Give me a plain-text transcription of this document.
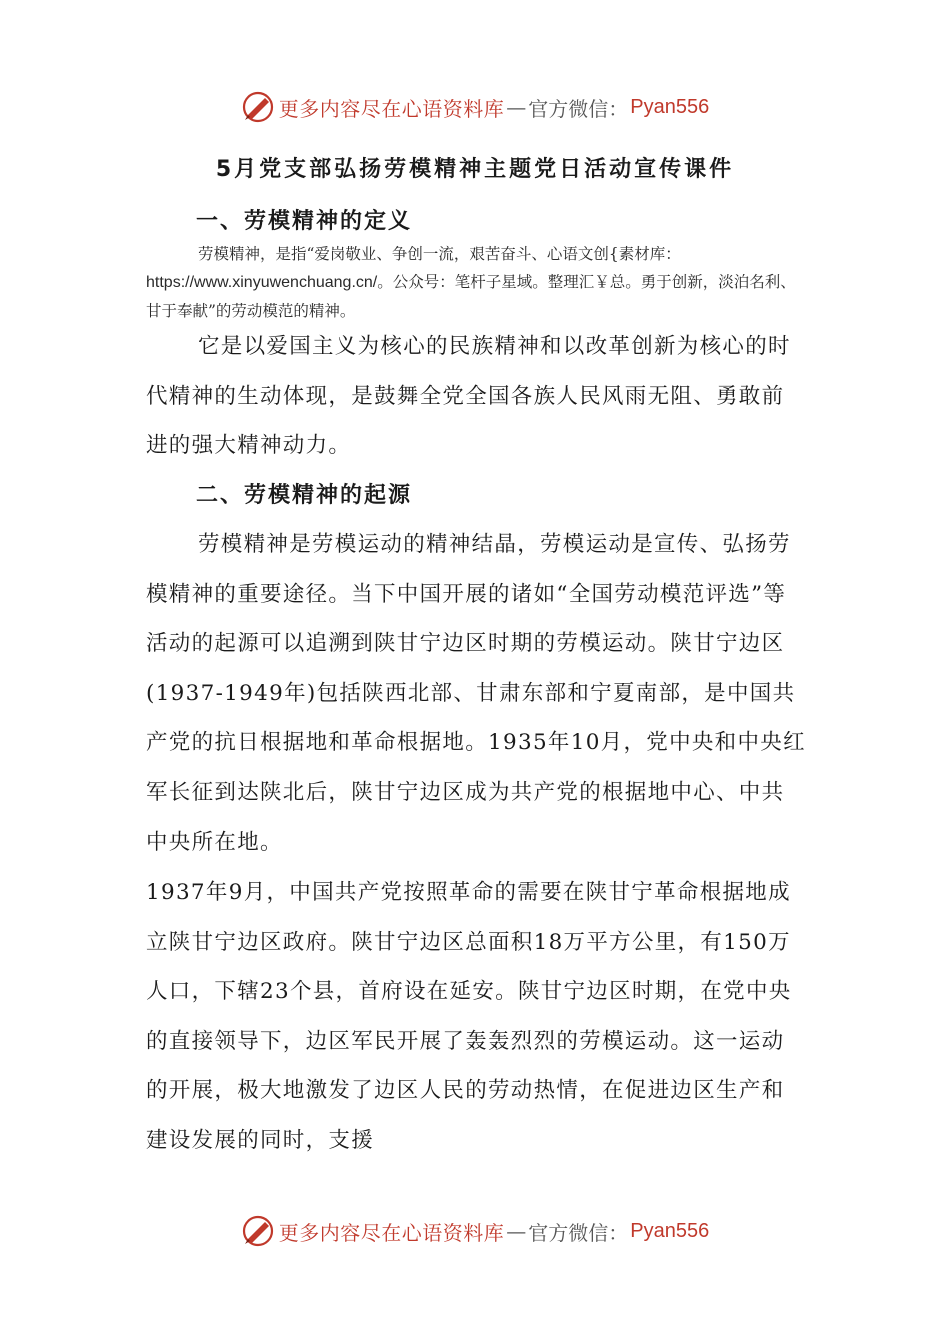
更多内容尽在心语资料库 — 官方微信： Pyan556
5月党支部弘扬劳模精神主题党日活动宣传课件
一、劳模精神的定义

劳模精神，是指“爱岗敬业、争创一流，艰苦奋斗、心语文创{素材库：https://www.xinyuwenchuang.cn/。公众号：笔杆子星域。整理汇￥总。勇于创新，淡泊名利、甘于奉献”的劳动模范的精神。

它是以爱国主义为核心的民族精神和以改革创新为核心的时代精神的生动体现，是鼓舞全党全国各族人民风雨无阻、勇敢前进的强大精神动力。

二、劳模精神的起源

劳模精神是劳模运动的精神结晶，劳模运动是宣传、弘扬劳模精神的重要途径。当下中国开展的诸如“全国劳动模范评选”等活动的起源可以追溯到陕甘宁边区时期的劳模运动。陕甘宁边区(1937-1949年)包括陕西北部、甘肃东部和宁夏南部，是中国共产党的抗日根据地和革命根据地。1935年10月，党中央和中央红军长征到达陕北后，陕甘宁边区成为共产党的根据地中心、中共中央所在地。

1937年9月，中国共产党按照革命的需要在陕甘宁革命根据地成立陕甘宁边区政府。陕甘宁边区总面积18万平方公里，有150万人口，下辖23个县，首府设在延安。陕甘宁边区时期，在党中央的直接领导下，边区军民开展了轰轰烈烈的劳模运动。这一运动的开展，极大地激发了边区人民的劳动热情，在促进边区生产和建设发展的同时，支援

更多内容尽在心语资料库 — 官方微信： Pyan556
